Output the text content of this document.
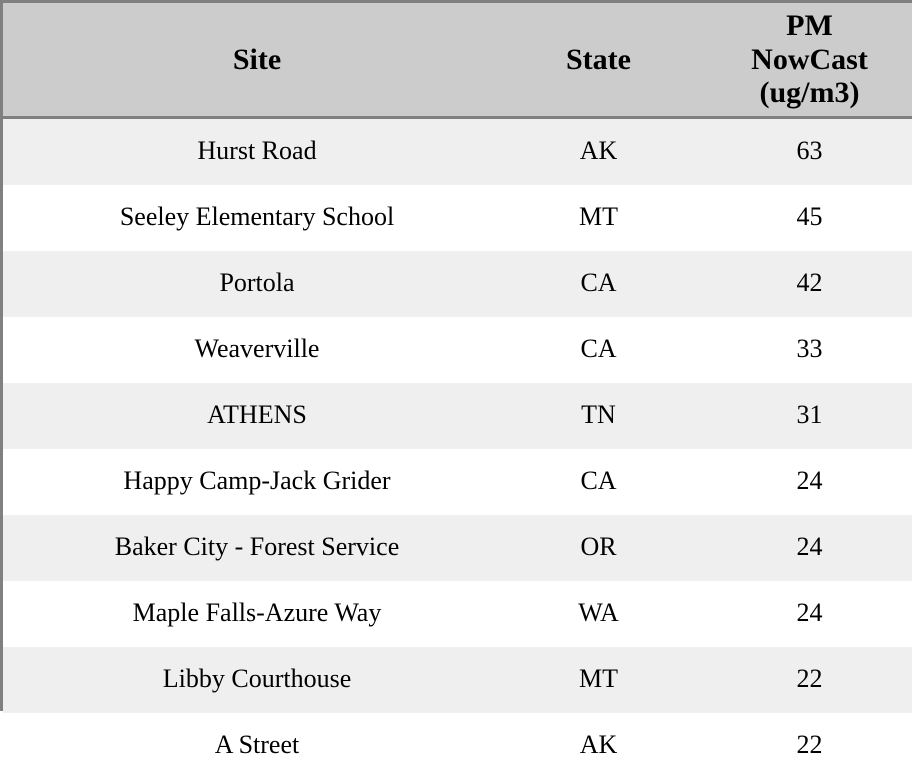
Site	State	PM
NowCast
(ug/m3)

Hurst Road	AK	63
Seeley Elementary School	MT	45
Portola	CA	42
Weaverville	CA	33
ATHENS	TN	31
Happy Camp-Jack Grider	CA	24
Baker City - Forest Service	OR	24
Maple Falls-Azure Way	WA	24
Libby Courthouse	MT	22
A Street	AK	22
